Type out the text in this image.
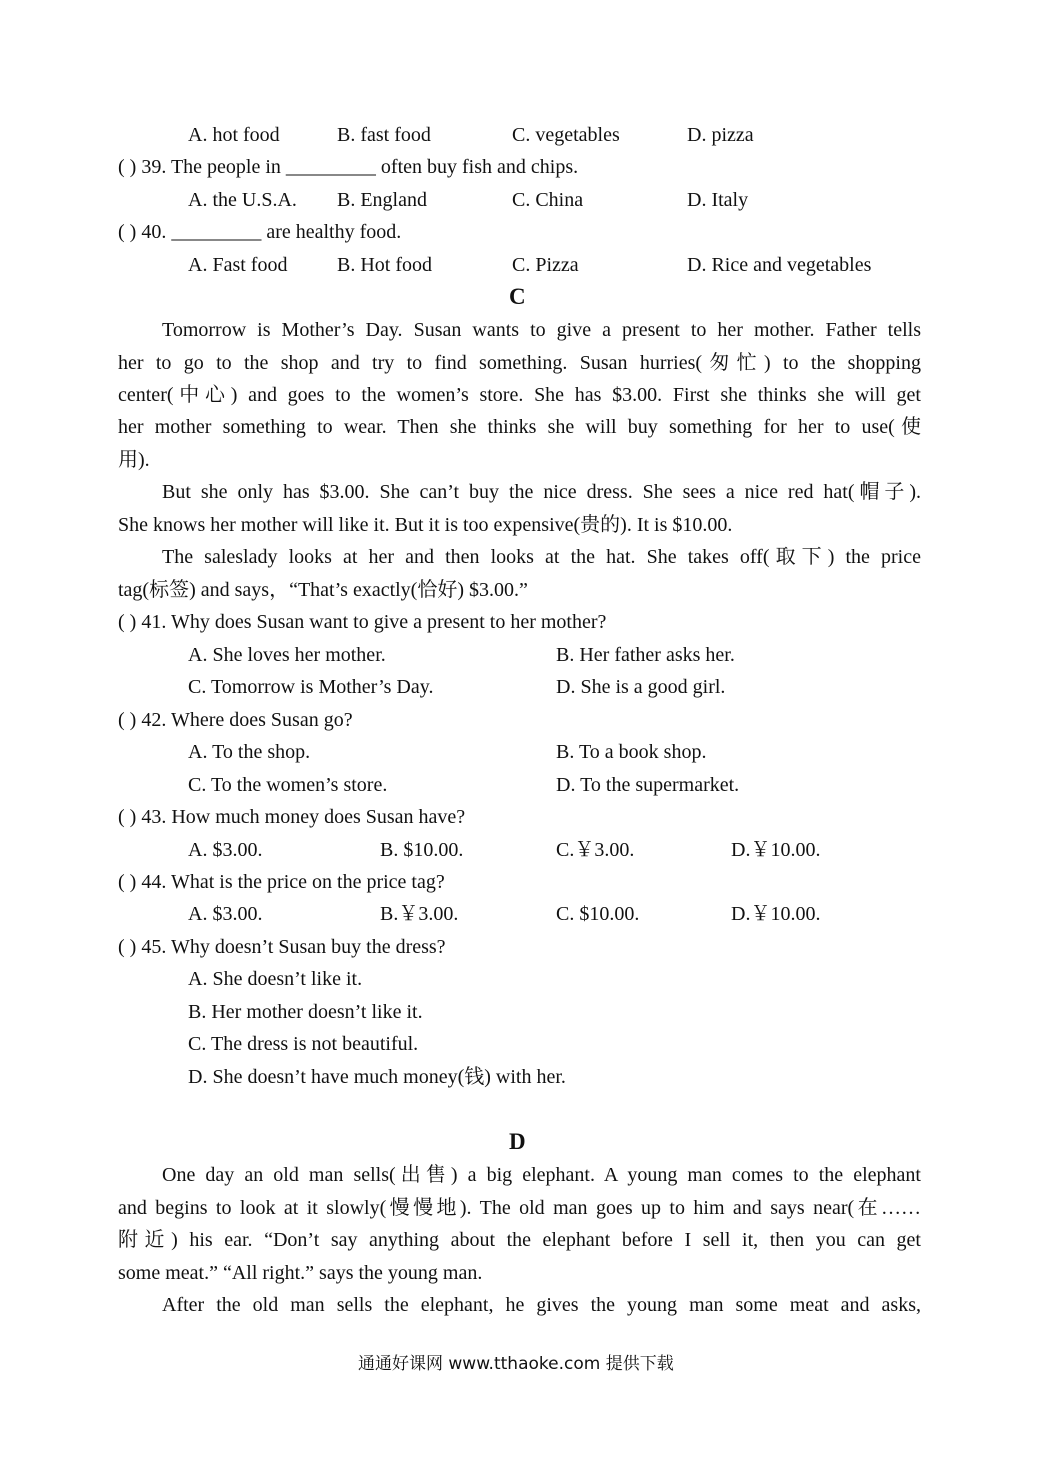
A. hot food	B. fast food	C. vegetables	D. pizza
( ) 39. The people in _________ often buy fish and chips.
A. the U.S.A. B. England	C. China	D. Italy
( ) 40. _________ are healthy food.
A. Fast food B. Hot food	C. Pizza	D. Rice and vegetables
C
Tomorrow is Mother’s Day. Susan wants to give a present to her mother. Father tells
her to go to the shop and try to find something. Susan hurries(匆忙) to the shopping
center(中心) and goes to the women’s store. She has $3.00. First she thinks she will get
her mother something to wear. Then she thinks she will buy something for her to use(使
用).
But she only has $3.00. She can’t buy the nice dress. She sees a nice red hat(帽子).
She knows her mother will like it. But it is too expensive(贵的). It is $10.00.
The saleslady looks at her and then looks at the hat. She takes off(取下) the price
tag(标签) and says，“That’s exactly(恰好) $3.00.”
( ) 41. Why does Susan want to give a present to her mother?
A. She loves her mother.	B. Her father asks her.
C. Tomorrow is Mother’s Day.	D. She is a good girl.
( ) 42. Where does Susan go?
A. To the shop.	B. To a book shop.
C. To the women’s store.	D. To the supermarket.
( ) 43. How much money does Susan have?
A. $3.00.	B. $10.00.	C.￥3.00.	D.￥10.00.
( ) 44. What is the price on the price tag?
A. $3.00.	B.￥3.00.	C. $10.00.	D.￥10.00.
( ) 45. Why doesn’t Susan buy the dress?
A. She doesn’t like it.
B. Her mother doesn’t like it.
C. The dress is not beautiful.
D. She doesn’t have much money(钱) with her.
D
One day an old man sells(出售) a big elephant. A young man comes to the elephant
and begins to look at it slowly(慢慢地). The old man goes up to him and says near(在……
附近) his ear. “Don’t say anything about the elephant before I sell it, then you can get
some meat.” “All right.” says the young man.
After the old man sells the elephant, he gives the young man some meat and asks,
通通好课网 www.tthaoke.com 提供下载
